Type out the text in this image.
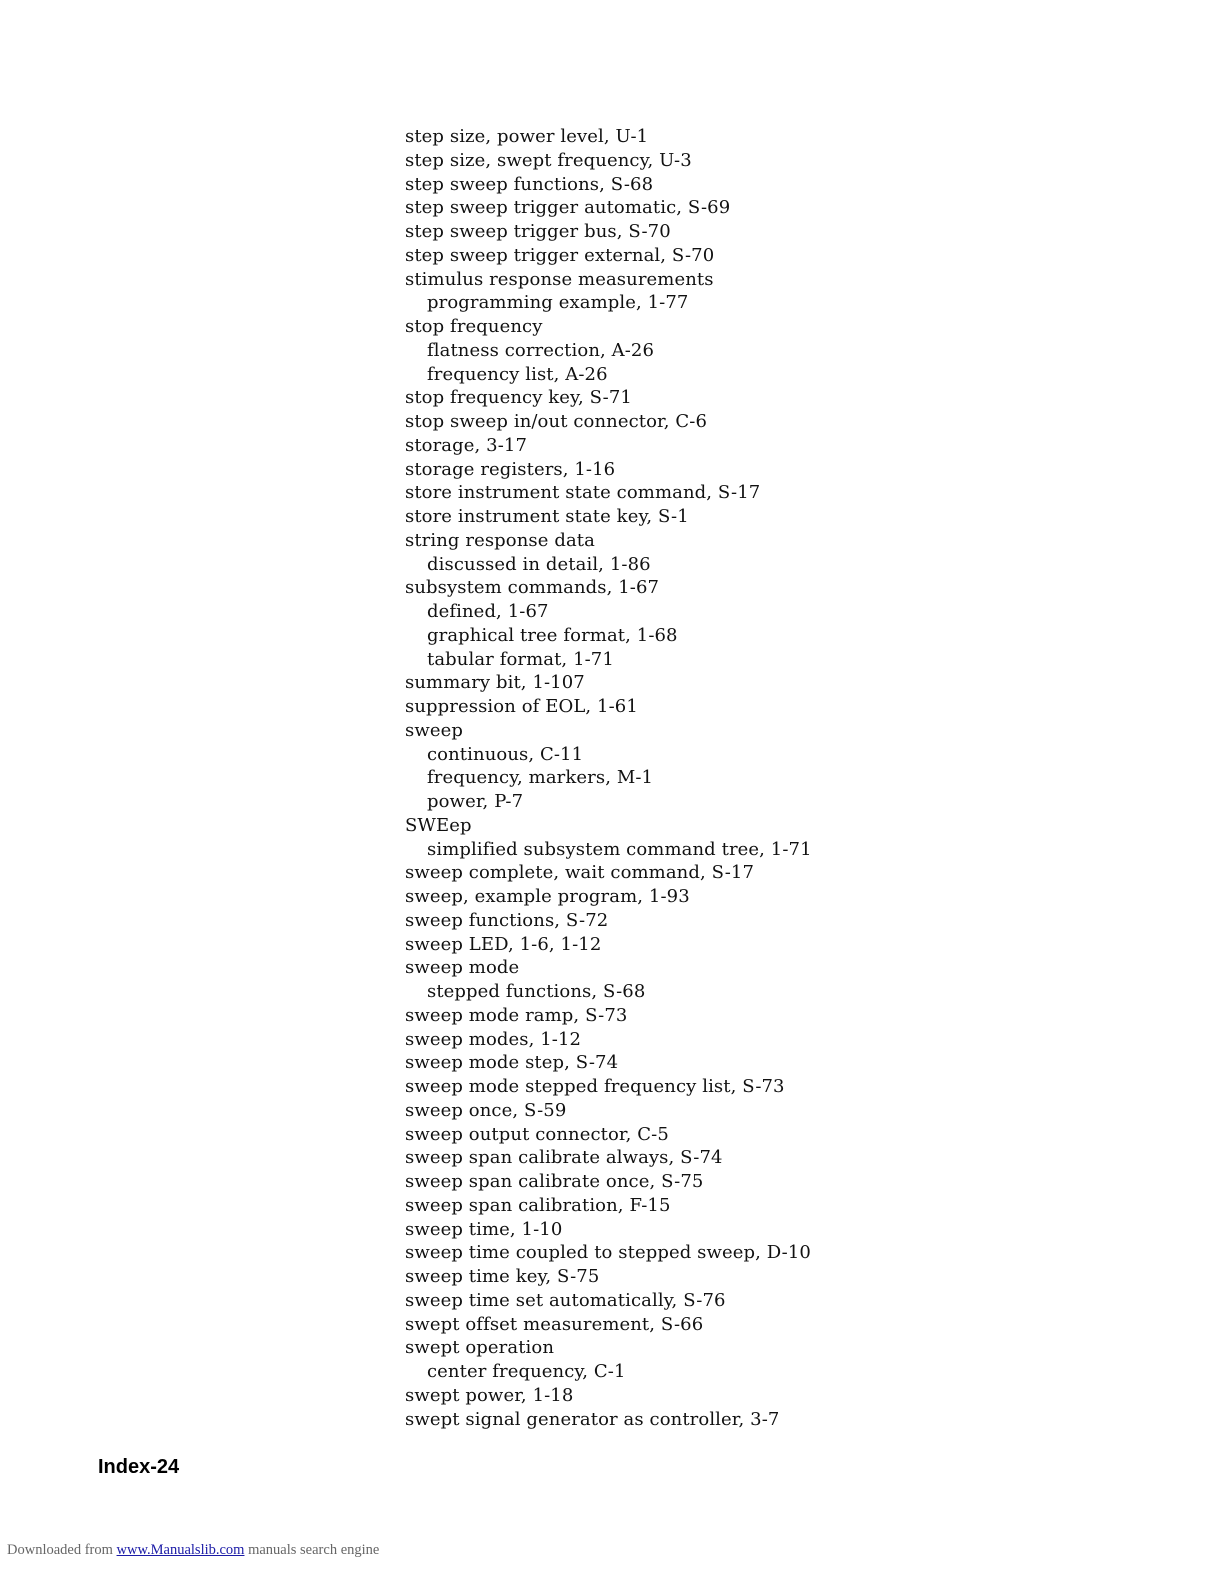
step size, power level, U-1
step size, swept frequency, U-3
step sweep functions, S-68
step sweep trigger automatic, S-69
step sweep trigger bus, S-70
step sweep trigger external, S-70
stimulus response measurements
programming example, 1-77
stop frequency
flatness correction, A-26
frequency list, A-26
stop frequency key, S-71
stop sweep in/out connector, C-6
storage, 3-17
storage registers, 1-16
store instrument state command, S-17
store instrument state key, S-1
string response data
discussed in detail, 1-86
subsystem commands, 1-67
defined, 1-67
graphical tree format, 1-68
tabular format, 1-71
summary bit, 1-107
suppression of EOL, 1-61
sweep
continuous, C-11
frequency, markers, M-1
power, P-7
SWEep
simplified subsystem command tree, 1-71
sweep complete, wait command, S-17
sweep, example program, 1-93
sweep functions, S-72
sweep LED, 1-6, 1-12
sweep mode
stepped functions, S-68
sweep mode ramp, S-73
sweep modes, 1-12
sweep mode step, S-74
sweep mode stepped frequency list, S-73
sweep once, S-59
sweep output connector, C-5
sweep span calibrate always, S-74
sweep span calibrate once, S-75
sweep span calibration, F-15
sweep time, 1-10
sweep time coupled to stepped sweep, D-10
sweep time key, S-75
sweep time set automatically, S-76
swept offset measurement, S-66
swept operation
center frequency, C-1
swept power, 1-18
swept signal generator as controller, 3-7
Index-24
Downloaded from www.Manualslib.com manuals search engine
